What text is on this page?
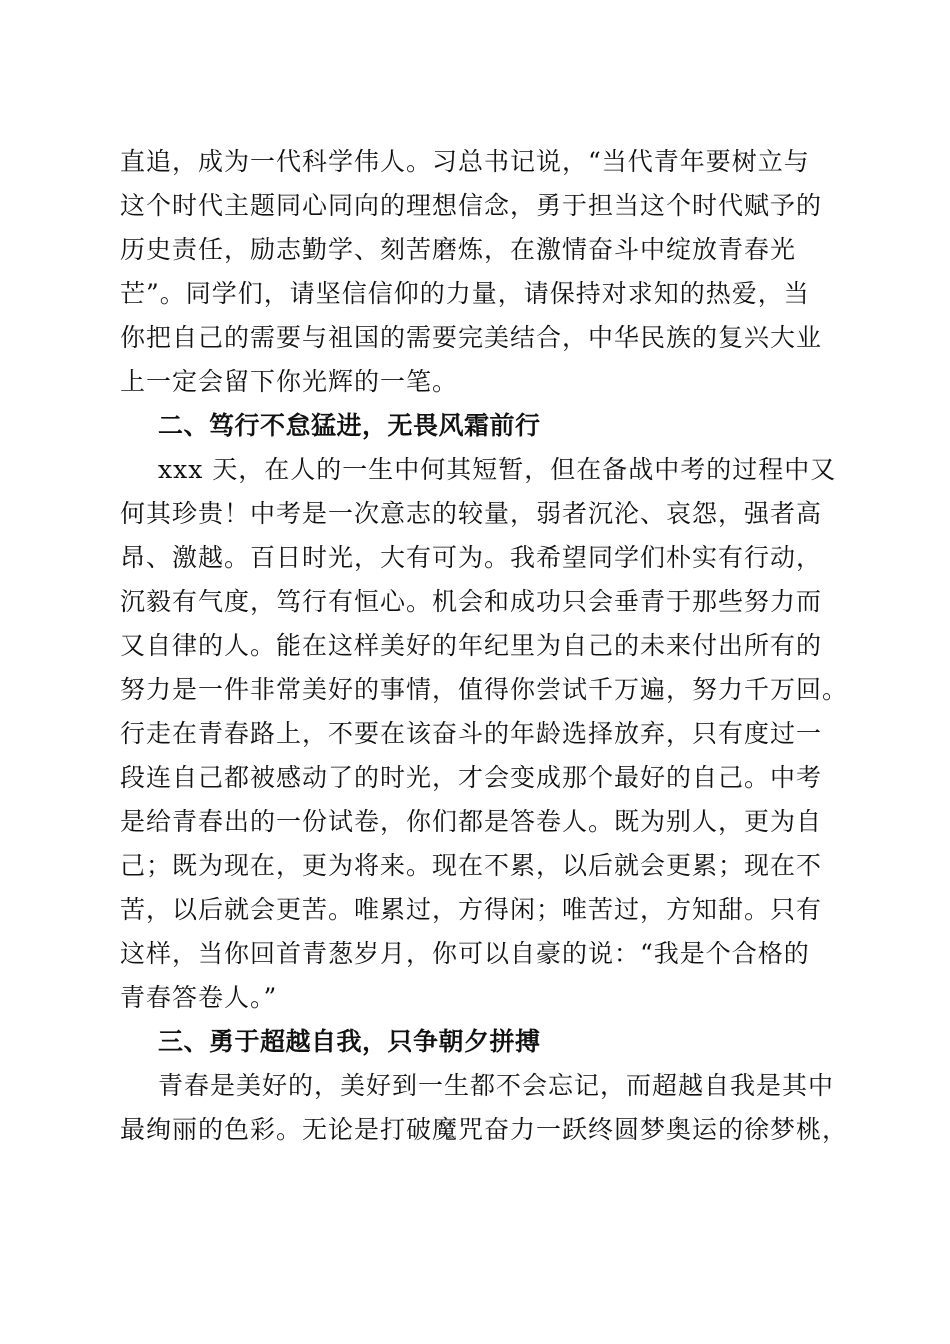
直追，成为一代科学伟人。习总书记说，“当代青年要树立与
这个时代主题同心同向的理想信念，勇于担当这个时代赋予的
历史责任，励志勤学、刻苦磨炼，在激情奋斗中绽放青春光
芒”。同学们，请坚信信仰的力量，请保持对求知的热爱，当
你把自己的需要与祖国的需要完美结合，中华民族的复兴大业
上一定会留下你光辉的一笔。
二、笃行不怠猛进，无畏风霜前行
xxx 天，在人的一生中何其短暂，但在备战中考的过程中又
何其珍贵！中考是一次意志的较量，弱者沉沦、哀怨，强者高
昂、激越。百日时光，大有可为。我希望同学们朴实有行动，
沉毅有气度，笃行有恒心。机会和成功只会垂青于那些努力而
又自律的人。能在这样美好的年纪里为自己的未来付出所有的
努力是一件非常美好的事情，值得你尝试千万遍，努力千万回。
行走在青春路上，不要在该奋斗的年龄选择放弃，只有度过一
段连自己都被感动了的时光，才会变成那个最好的自己。中考
是给青春出的一份试卷，你们都是答卷人。既为别人，更为自
己；既为现在，更为将来。现在不累，以后就会更累；现在不
苦，以后就会更苦。唯累过，方得闲；唯苦过，方知甜。只有
这样，当你回首青葱岁月，你可以自豪的说：“我是个合格的
青春答卷人。”
三、勇于超越自我，只争朝夕拼搏
青春是美好的，美好到一生都不会忘记，而超越自我是其中
最绚丽的色彩。无论是打破魔咒奋力一跃终圆梦奥运的徐梦桃，
